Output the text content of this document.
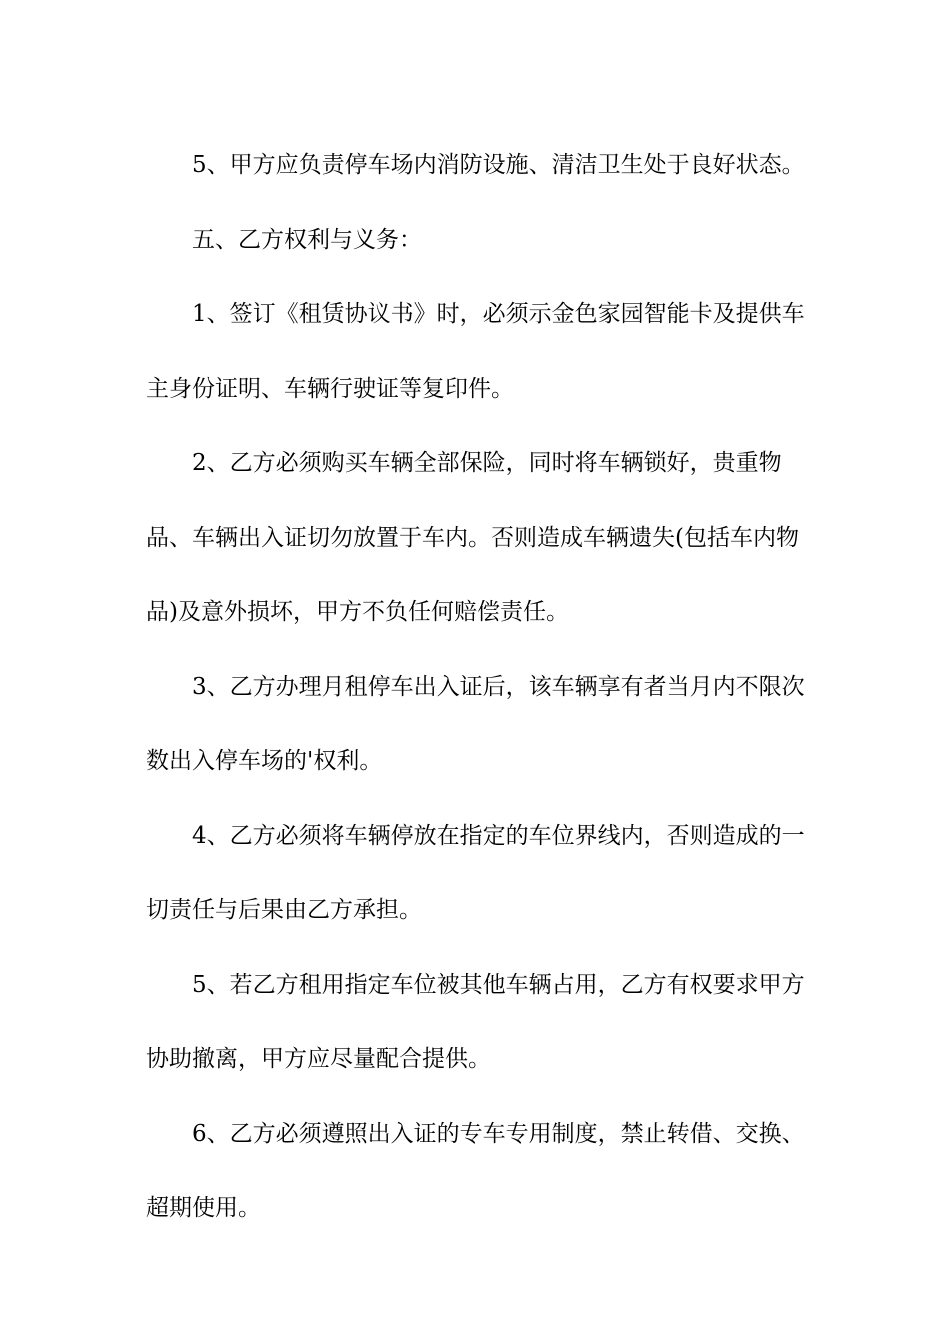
5、甲方应负责停车场内消防设施、清洁卫生处于良好状态。

五、乙方权利与义务：

1、签订《租赁协议书》时，必须示金色家园智能卡及提供车主身份证明、车辆行驶证等复印件。

2、乙方必须购买车辆全部保险，同时将车辆锁好，贵重物品、车辆出入证切勿放置于车内。否则造成车辆遗失(包括车内物品)及意外损坏，甲方不负任何赔偿责任。

3、乙方办理月租停车出入证后，该车辆享有者当月内不限次数出入停车场的'权利。

4、乙方必须将车辆停放在指定的车位界线内，否则造成的一切责任与后果由乙方承担。

5、若乙方租用指定车位被其他车辆占用，乙方有权要求甲方协助撤离，甲方应尽量配合提供。

6、乙方必须遵照出入证的专车专用制度，禁止转借、交换、超期使用。
